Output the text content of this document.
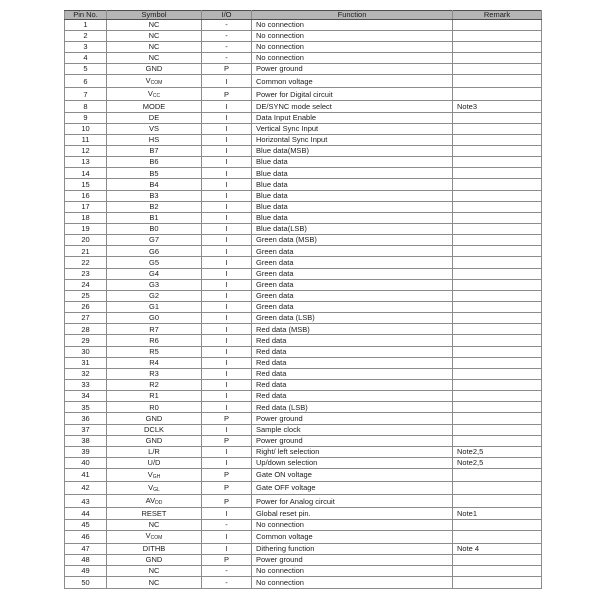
Pin No.	Symbol	I/O	Function	Remark
1	NC	-	No connection	
2	NC	-	No connection	
3	NC	-	No connection	
4	NC	-	No connection	
5	GND	P	Power ground	
6	$V_{COM}$	I	Common voltage	
7	$V_{CC}$	P	Power for Digital circuit	
8	MODE	I	DE/SYNC mode select	Note3
9	DE	I	Data Input Enable	
10	VS	I	Vertical Sync Input	
11	HS	I	Horizontal Sync Input	
12	B7	I	Blue data(MSB)	
13	B6	I	Blue data	
14	B5	I	Blue data	
15	B4	I	Blue data	
16	B3	I	Blue data	
17	B2	I	Blue data	
18	B1	I	Blue data	
19	B0	I	Blue data(LSB)	
20	G7	I	Green data (MSB)	
21	G6	I	Green data	
22	G5	I	Green data	
23	G4	I	Green data	
24	G3	I	Green data	
25	G2	I	Green data	
26	G1	I	Green data	
27	G0	I	Green data (LSB)	
28	R7	I	Red data (MSB)	
29	R6	I	Red data	
30	R5	I	Red data	
31	R4	I	Red data	
32	R3	I	Red data	
33	R2	I	Red data	
34	R1	I	Red data	
35	R0	I	Red data (LSB)	
36	GND	P	Power ground	
37	DCLK	I	Sample clock	
38	GND	P	Power ground	
39	L/R	I	Right/ left selection	Note2,5
40	U/D	I	Up/down selection	Note2,5
41	$V_{GH}$	P	Gate ON voltage	
42	$V_{GL}$	P	Gate OFF voltage	
43	$AV_{DD}$	P	Power for Analog circuit	
44	RESET	I	Global reset pin.	Note1
45	NC	-	No connection	
46	$V_{COM}$	I	Common voltage	
47	DITHB	I	Dithering function	Note 4
48	GND	P	Power ground	
49	NC	-	No connection	
50	NC	-	No connection	
